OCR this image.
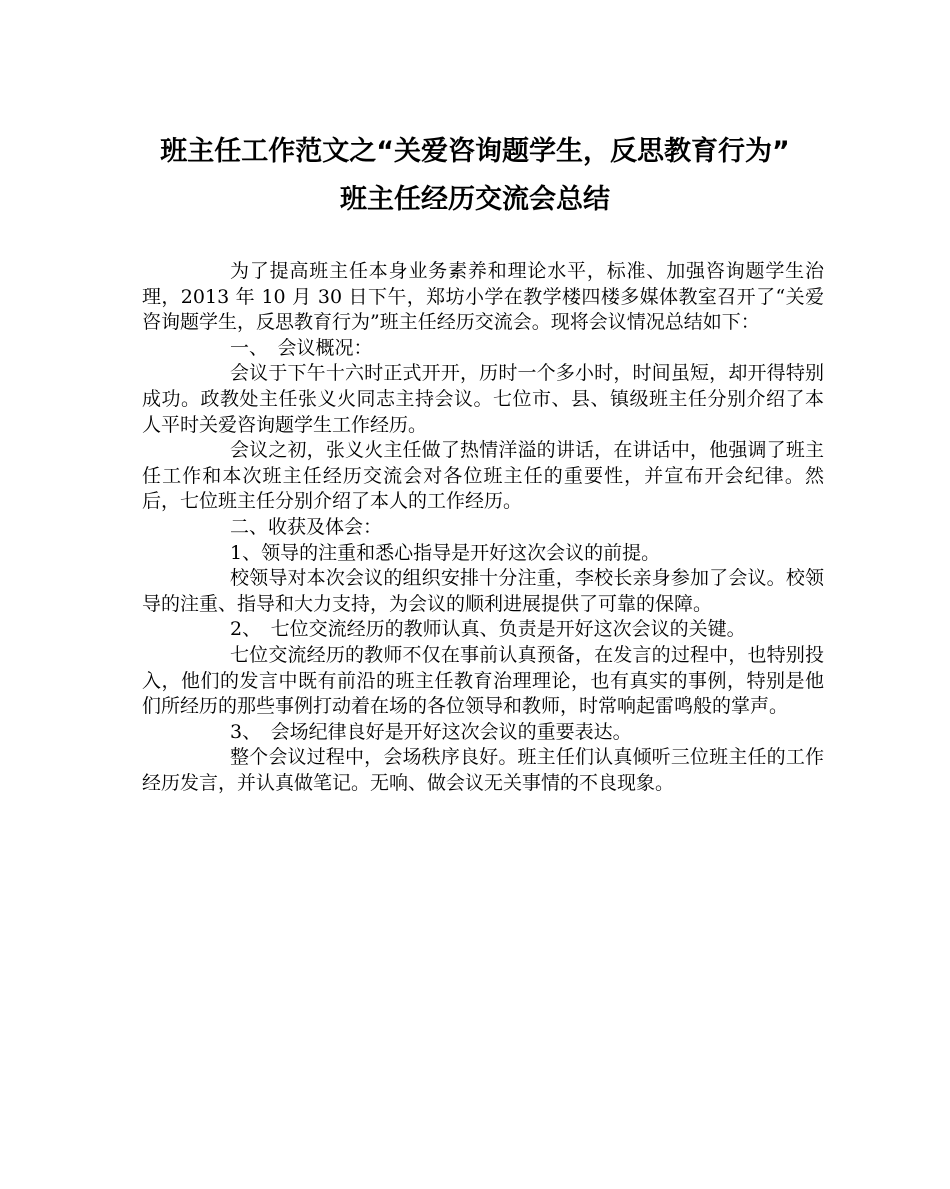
班主任工作范文之“关爱咨询题学生，反思教育行为”
班主任经历交流会总结

为了提高班主任本身业务素养和理论水平，标准、加强咨询题学生治理，2013 年 10 月 30 日下午，郑坊小学在教学楼四楼多媒体教室召开了“关爱咨询题学生，反思教育行为”班主任经历交流会。现将会议情况总结如下：

一、　会议概况：

会议于下午十六时正式开开，历时一个多小时，时间虽短，却开得特别成功。政教处主任张义火同志主持会议。七位市、县、镇级班主任分别介绍了本人平时关爱咨询题学生工作经历。

会议之初，张义火主任做了热情洋溢的讲话，在讲话中，他强调了班主任工作和本次班主任经历交流会对各位班主任的重要性，并宣布开会纪律。然后，七位班主任分别介绍了本人的工作经历。

二、收获及体会：

1、领导的注重和悉心指导是开好这次会议的前提。

校领导对本次会议的组织安排十分注重，李校长亲身参加了会议。校领导的注重、指导和大力支持，为会议的顺利进展提供了可靠的保障。

2、　七位交流经历的教师认真、负责是开好这次会议的关键。

七位交流经历的教师不仅在事前认真预备，在发言的过程中，也特别投入，他们的发言中既有前沿的班主任教育治理理论，也有真实的事例，特别是他们所经历的那些事例打动着在场的各位领导和教师，时常响起雷鸣般的掌声。

3、　会场纪律良好是开好这次会议的重要表达。

整个会议过程中，会场秩序良好。班主任们认真倾听三位班主任的工作经历发言，并认真做笔记。无响、做会议无关事情的不良现象。
